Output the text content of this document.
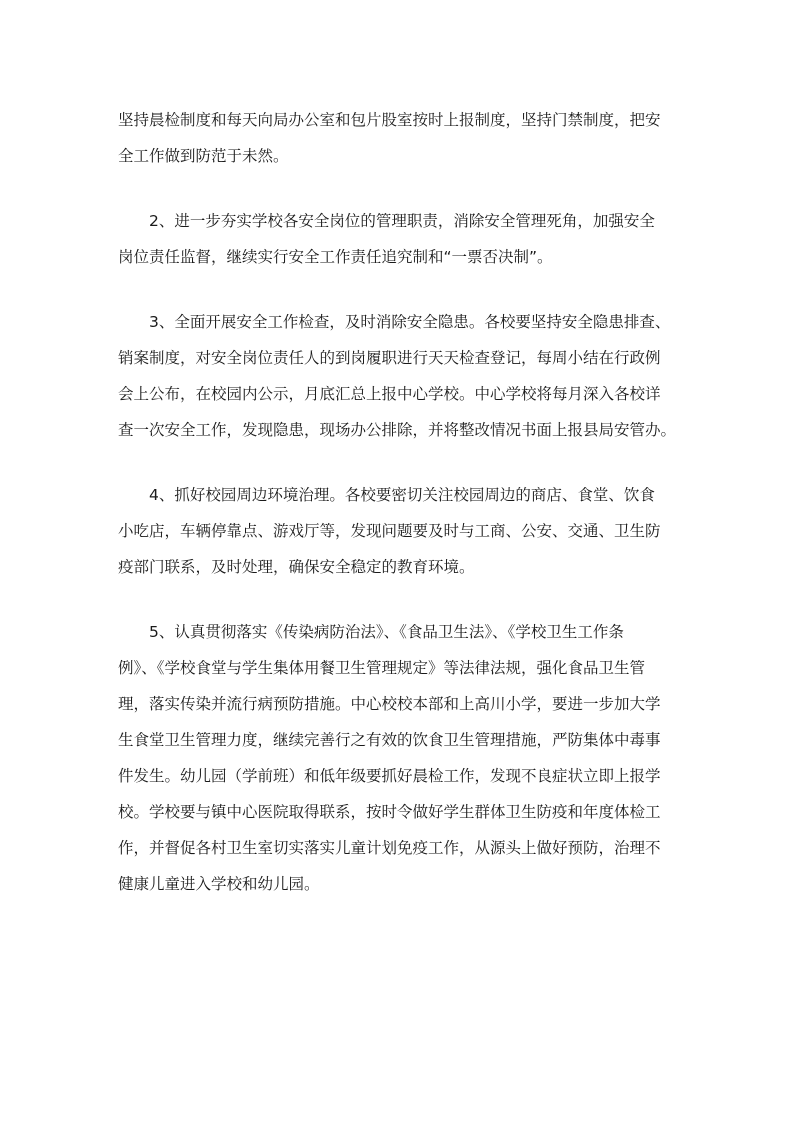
坚持晨检制度和每天向局办公室和包片股室按时上报制度，坚持门禁制度，把安
全工作做到防范于未然。

2、进一步夯实学校各安全岗位的管理职责，消除安全管理死角，加强安全
岗位责任监督，继续实行安全工作责任追究制和“一票否决制”。

3、全面开展安全工作检查，及时消除安全隐患。各校要坚持安全隐患排查、
销案制度，对安全岗位责任人的到岗履职进行天天检查登记，每周小结在行政例
会上公布，在校园内公示，月底汇总上报中心学校。中心学校将每月深入各校详
查一次安全工作，发现隐患，现场办公排除，并将整改情况书面上报县局安管办。

4、抓好校园周边环境治理。各校要密切关注校园周边的商店、食堂、饮食
小吃店，车辆停靠点、游戏厅等，发现问题要及时与工商、公安、交通、卫生防
疫部门联系，及时处理，确保安全稳定的教育环境。

5、认真贯彻落实《传染病防治法》、《食品卫生法》、《学校卫生工作条
例》、《学校食堂与学生集体用餐卫生管理规定》等法律法规，强化食品卫生管
理，落实传染并流行病预防措施。中心校校本部和上高川小学，要进一步加大学
生食堂卫生管理力度，继续完善行之有效的饮食卫生管理措施，严防集体中毒事
件发生。幼儿园（学前班）和低年级要抓好晨检工作，发现不良症状立即上报学
校。学校要与镇中心医院取得联系，按时令做好学生群体卫生防疫和年度体检工
作，并督促各村卫生室切实落实儿童计划免疫工作，从源头上做好预防，治理不
健康儿童进入学校和幼儿园。
